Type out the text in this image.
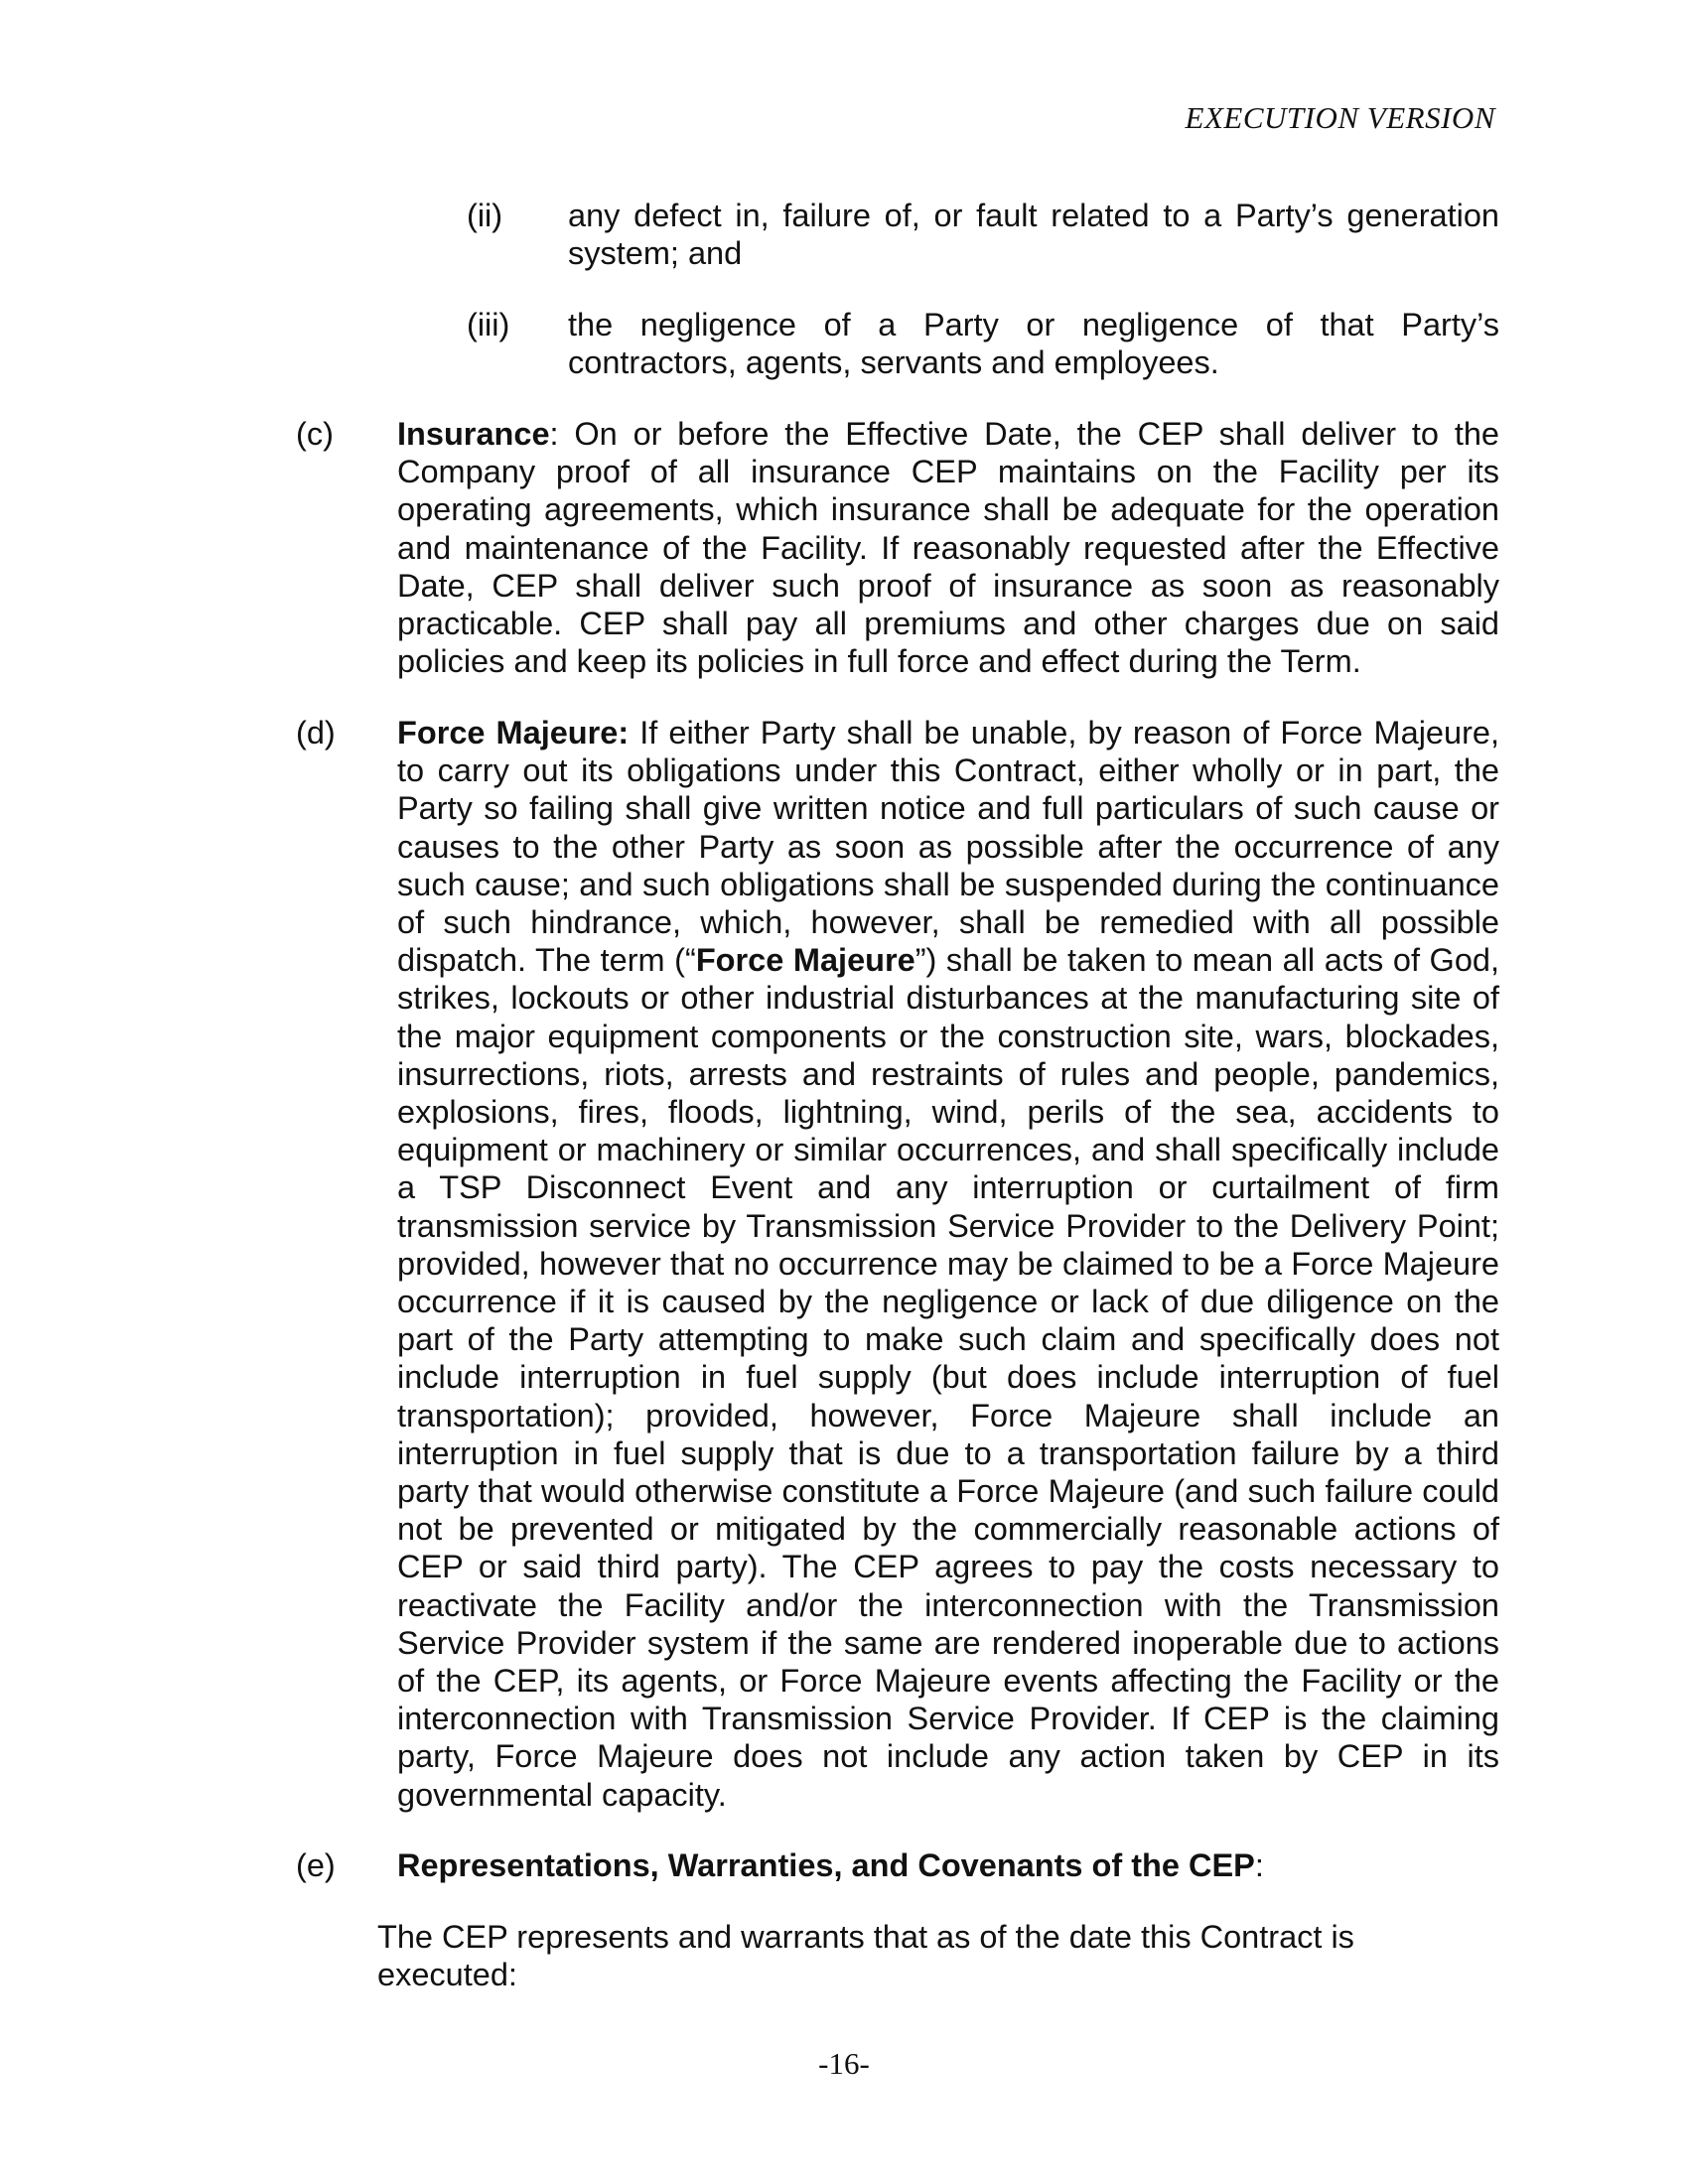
EXECUTION VERSION
(ii)	any defect in, failure of, or fault related to a Party’s generation system; and
(iii)	the negligence of a Party or negligence of that Party’s contractors, agents, servants and employees.
(c)	Insurance: On or before the Effective Date, the CEP shall deliver to the Company proof of all insurance CEP maintains on the Facility per its operating agreements, which insurance shall be adequate for the operation and maintenance of the Facility. If reasonably requested after the Effective Date, CEP shall deliver such proof of insurance as soon as reasonably practicable. CEP shall pay all premiums and other charges due on said policies and keep its policies in full force and effect during the Term.
(d)	Force Majeure: If either Party shall be unable, by reason of Force Majeure, to carry out its obligations under this Contract, either wholly or in part, the Party so failing shall give written notice and full particulars of such cause or causes to the other Party as soon as possible after the occurrence of any such cause; and such obligations shall be suspended during the continuance of such hindrance, which, however, shall be remedied with all possible dispatch. The term (“Force Majeure”) shall be taken to mean all acts of God, strikes, lockouts or other industrial disturbances at the manufacturing site of the major equipment components or the construction site, wars, blockades, insurrections, riots, arrests and restraints of rules and people, pandemics, explosions, fires, floods, lightning, wind, perils of the sea, accidents to equipment or machinery or similar occurrences, and shall specifically include a TSP Disconnect Event and any interruption or curtailment of firm transmission service by Transmission Service Provider to the Delivery Point; provided, however that no occurrence may be claimed to be a Force Majeure occurrence if it is caused by the negligence or lack of due diligence on the part of the Party attempting to make such claim and specifically does not include interruption in fuel supply (but does include interruption of fuel transportation); provided, however, Force Majeure shall include an interruption in fuel supply that is due to a transportation failure by a third party that would otherwise constitute a Force Majeure (and such failure could not be prevented or mitigated by the commercially reasonable actions of CEP or said third party). The CEP agrees to pay the costs necessary to reactivate the Facility and/or the interconnection with the Transmission Service Provider system if the same are rendered inoperable due to actions of the CEP, its agents, or Force Majeure events affecting the Facility or the interconnection with Transmission Service Provider. If CEP is the claiming party, Force Majeure does not include any action taken by CEP in its governmental capacity.
(e)	Representations, Warranties, and Covenants of the CEP:
The CEP represents and warrants that as of the date this Contract is executed:
-16-
